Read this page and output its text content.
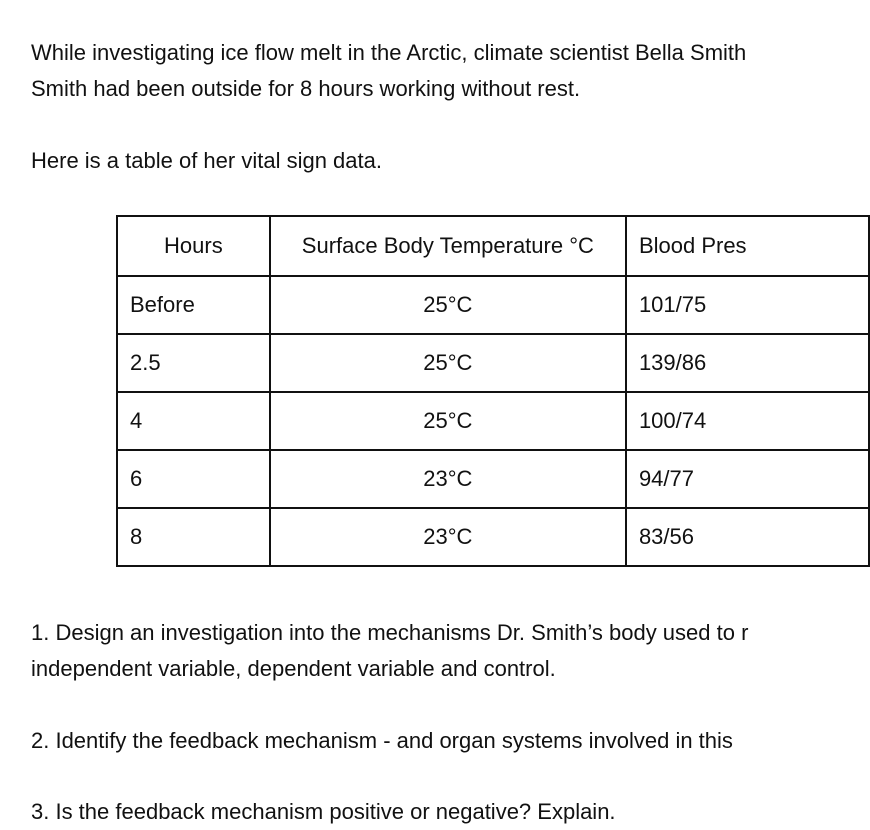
While investigating ice flow melt in the Arctic, climate scientist Bella Smith
Smith had been outside for 8 hours working without rest.

Here is a table of her vital sign data.

Hours	Surface Body Temperature °C	Blood Pres
Before	25°C	101/75
2.5	25°C	139/86
4	25°C	100/74
6	23°C	94/77
8	23°C	83/56

1. Design an investigation into the mechanisms Dr. Smith’s body used to r
independent variable, dependent variable and control.

2. Identify the feedback mechanism - and organ systems involved in this

3. Is the feedback mechanism positive or negative? Explain.
